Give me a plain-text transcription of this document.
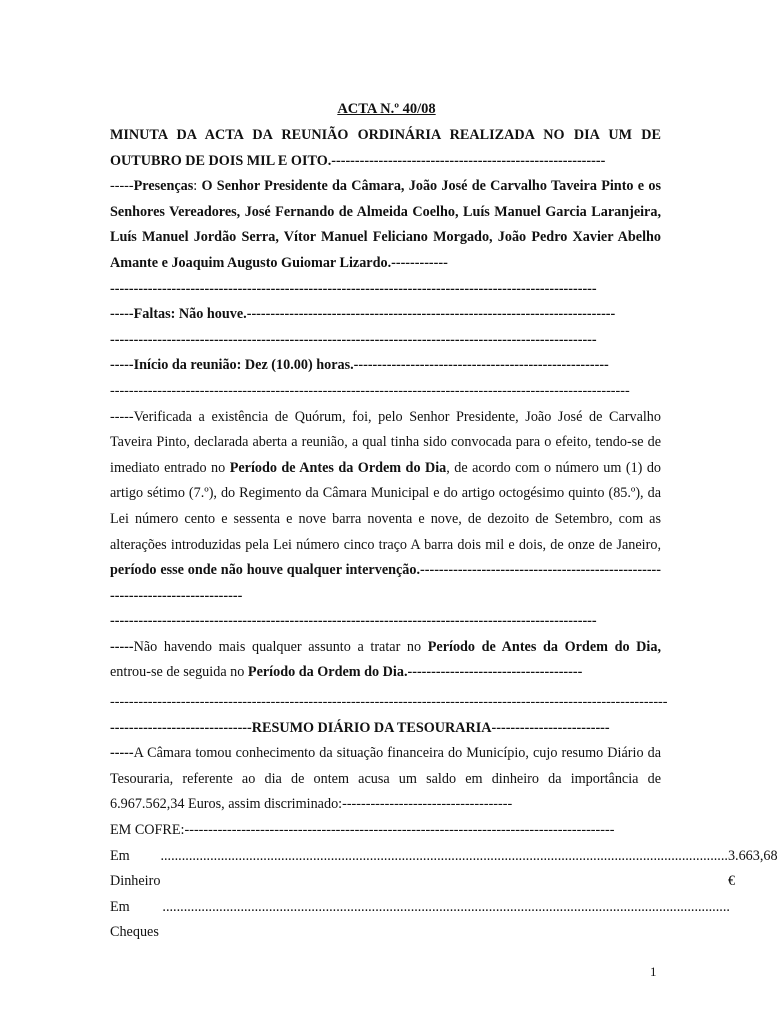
ACTA N.º 40/08

MINUTA DA ACTA DA REUNIÃO ORDINÁRIA REALIZADA NO DIA UM DE OUTUBRO DE DOIS MIL E OITO.----------------------------------------------------------

-----Presenças: O Senhor Presidente da Câmara, João José de Carvalho Taveira Pinto e os Senhores Vereadores, José Fernando de Almeida Coelho, Luís Manuel Garcia Laranjeira, Luís Manuel Jordão Serra, Vítor Manuel Feliciano Morgado, João Pedro Xavier Abelho Amante e Joaquim Augusto Guiomar Lizardo.------------

-------------------------------------------------------------------------------------------------------
-----Faltas: Não houve.------------------------------------------------------------------------------
-------------------------------------------------------------------------------------------------------
-----Início da reunião: Dez (10.00) horas.------------------------------------------------------
--------------------------------------------------------------------------------------------------------------

-----Verificada a existência de Quórum, foi, pelo Senhor Presidente, João José de Carvalho Taveira Pinto, declarada aberta a reunião, a qual tinha sido convocada para o efeito, tendo-se de imediato entrado no Período de Antes da Ordem do Dia, de acordo com o número um (1) do artigo sétimo (7.º), do Regimento da Câmara Municipal e do artigo octogésimo quinto (85.º), da Lei número cento e sessenta e nove barra noventa e nove, de dezoito de Setembro, com as alterações introduzidas pela Lei número cinco traço A barra dois mil e dois, de onze de Janeiro, período esse onde não houve qualquer intervenção.-------------------------------------------------------------------------------

-------------------------------------------------------------------------------------------------------

-----Não havendo mais qualquer assunto a tratar no Período de Antes da Ordem do Dia, entrou-se de seguida no Período da Ordem do Dia.-------------------------------------

----------------------------------------------------------------------------------------------------------------------
------------------------------RESUMO DIÁRIO DA TESOURARIA-------------------------

-----A Câmara tomou conhecimento da situação financeira do Município, cujo resumo Diário da Tesouraria, referente ao dia de ontem acusa um saldo em dinheiro da importância de 6.967.562,34 Euros, assim discriminado:------------------------------------

EM COFRE:-------------------------------------------------------------------------------------------
Em Dinheiro
................................................................................................................................................................ 3.663,68 €
Em Cheques
................................................................................................................................................................
1
